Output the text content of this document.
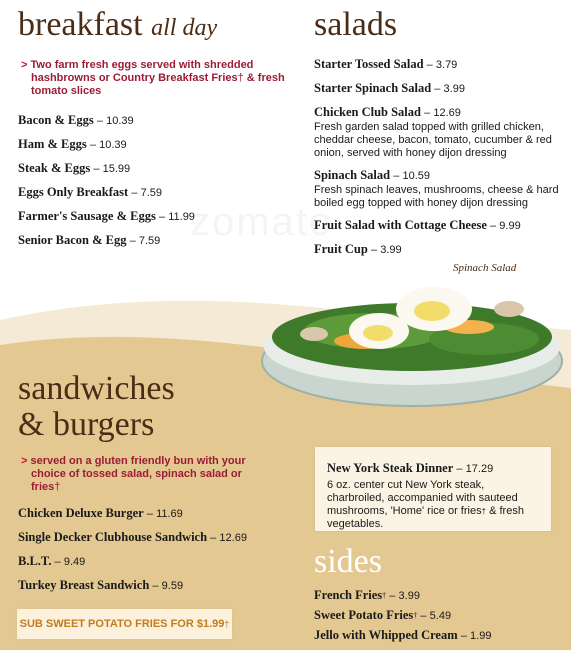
Spinach Salad
breakfast all day
> Two farm fresh eggs served with shredded hashbrowns or Country Breakfast Fries† & fresh tomato slices

Bacon & Eggs – 10.39

Ham & Eggs – 10.39

Steak & Eggs – 15.99

Eggs Only Breakfast – 7.59

Farmer's Sausage & Eggs – 11.99

Senior Bacon & Egg – 7.59

salads

Starter Tossed Salad – 3.79

Starter Spinach Salad – 3.99

Chicken Club Salad – 12.69

Fresh garden salad topped with grilled chicken, cheddar cheese, bacon, tomato, cucumber & red onion, served with honey dijon dressing

Spinach Salad – 10.59

Fresh spinach leaves, mushrooms, cheese & hard boiled egg topped with honey dijon dressing

Fruit Salad with Cottage Cheese – 9.99

Fruit Cup – 3.99

sandwiches
& burgers
> served on a gluten friendly bun with your choice of tossed salad, spinach salad or fries†

Chicken Deluxe Burger – 11.69

Single Decker Clubhouse Sandwich – 12.69

B.L.T. – 9.49

Turkey Breast Sandwich – 9.59

SUB SWEET POTATO FRIES FOR $1.99†

New York Steak Dinner – 17.29

6 oz. center cut New York steak, charbroiled, accompanied with sauteed mushrooms, 'Home' rice or fries† & fresh vegetables.

sides

French Fries† – 3.99

Sweet Potato Fries† – 5.49

Jello with Whipped Cream – 1.99
